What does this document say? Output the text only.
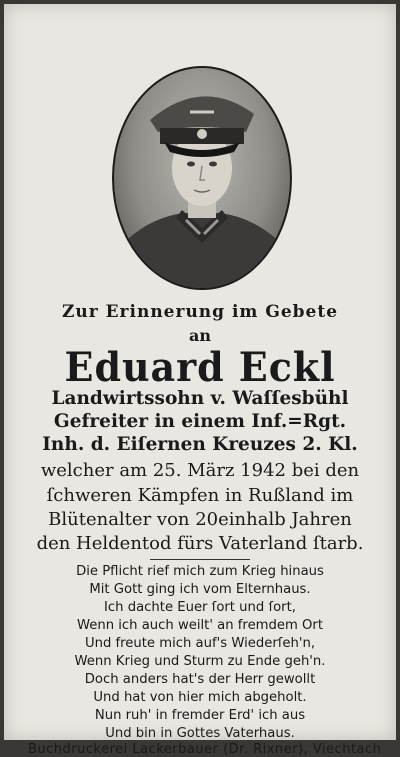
Zur Erinnerung im Gebete
an
Eduard Eckl
Landwirtssohn v. Waſſesbühl
Gefreiter in einem Inf.=Rgt.
Inh. d. Eiſernen Kreuzes 2. Kl.
welcher am 25. März 1942 bei den
ſchweren Kämpfen in Rußland im
Blütenalter von 20einhalb Jahren
den Heldentod fürs Vaterland ſtarb.
Die Pflicht rief mich zum Krieg hinaus
Mit Gott ging ich vom Elternhaus.
Ich dachte Euer ſort und ſort,
Wenn ich auch weilt' an fremdem Ort
Und freute mich auf's Wiederſeh'n,
Wenn Krieg und Sturm zu Ende geh'n.
Doch anders hat's der Herr gewollt
Und hat von hier mich abgeholt.
Nun ruh' in fremder Erd' ich aus
Und bin in Gottes Vaterhaus.
Buchdruckerei Lackerbauer (Dr. Rixner), Viechtach
